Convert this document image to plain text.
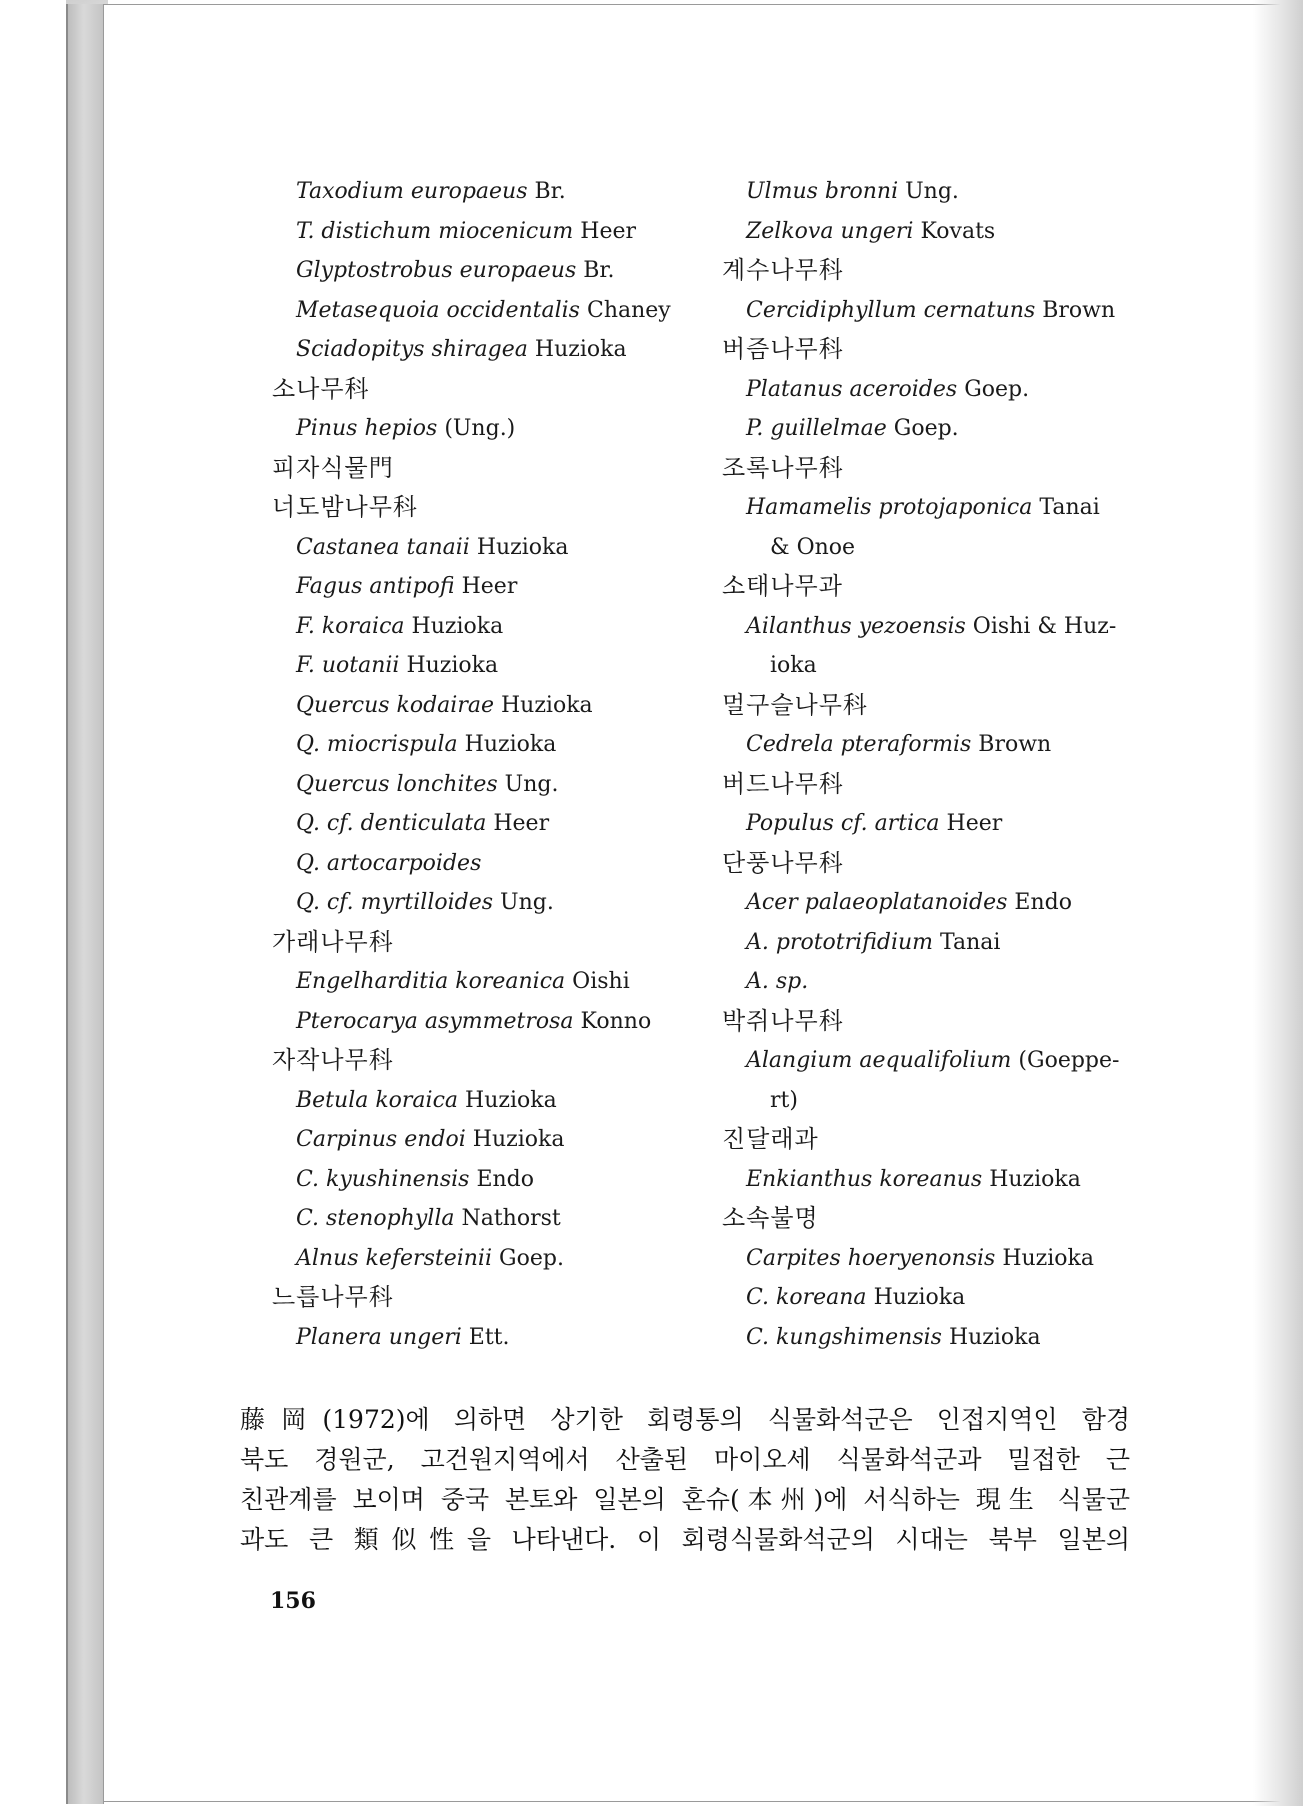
Taxodium europaeus Br.
T. distichum miocenicum Heer
Glyptostrobus europaeus Br.
Metasequoia occidentalis Chaney
Sciadopitys shiragea Huzioka
소나무科
Pinus hepios (Ung.)
피자식물門
너도밤나무科
Castanea tanaii Huzioka
Fagus antipofi Heer
F. koraica Huzioka
F. uotanii Huzioka
Quercus kodairae Huzioka
Q. miocrispula Huzioka
Quercus lonchites Ung.
Q. cf. denticulata Heer
Q. artocarpoides
Q. cf. myrtilloides Ung.
가래나무科
Engelharditia koreanica Oishi
Pterocarya asymmetrosa Konno
자작나무科
Betula koraica Huzioka
Carpinus endoi Huzioka
C. kyushinensis Endo
C. stenophylla Nathorst
Alnus kefersteinii Goep.
느릅나무科
Planera ungeri Ett.
Ulmus bronni Ung.
Zelkova ungeri Kovats
계수나무科
Cercidiphyllum cernatuns Brown
버즘나무科
Platanus aceroides Goep.
P. guillelmae Goep.
조록나무科
Hamamelis protojaponica Tanai
& Onoe
소태나무과
Ailanthus yezoensis Oishi & Huz-
ioka
멀구슬나무科
Cedrela pteraformis Brown
버드나무科
Populus cf. artica Heer
단풍나무科
Acer palaeoplatanoides Endo
A. prototrifidium Tanai
A. sp.
박쥐나무科
Alangium aequalifolium (Goeppe-
rt)
진달래과
Enkianthus koreanus Huzioka
소속불명
Carpites hoeryenonsis Huzioka
C. koreana Huzioka
C. kungshimensis Huzioka
藤岡(1972)에 의하면 상기한 회령통의 식물화석군은 인접지역인 함경
북도 경원군, 고건원지역에서 산출된 마이오세 식물화석군과 밀접한 근
친관계를 보이며 중국 본토와 일본의 혼슈(本州)에 서식하는 現生 식물군
과도 큰 類似性을 나타낸다. 이 회령식물화석군의 시대는 북부 일본의
156
